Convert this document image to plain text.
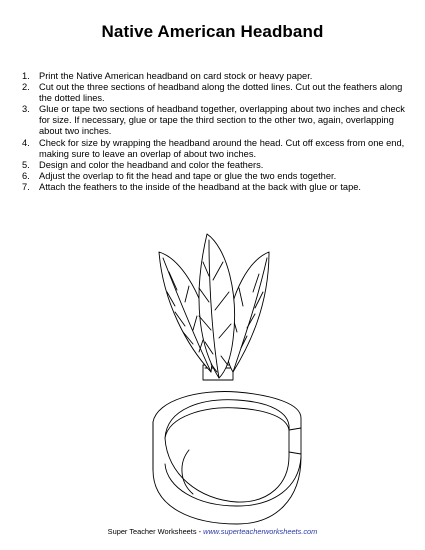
Native American Headband
1. Print the Native American headband on card stock or heavy paper.
2. Cut out the three sections of headband along the dotted lines. Cut out the feathers along the dotted lines.
3. Glue or tape two sections of headband together, overlapping about two inches and check for size. If necessary, glue or tape the third section to the other two, again, overlapping about two inches.
4. Check for size by wrapping the headband around the head. Cut off excess from one end, making sure to leave an overlap of about two inches.
5. Design and color the headband and color the feathers.
6. Adjust the overlap to fit the head and tape or glue the two ends together.
7. Attach the feathers to the inside of the headband at the back with glue or tape.
Super Teacher Worksheets - www.superteacherworksheets.com
